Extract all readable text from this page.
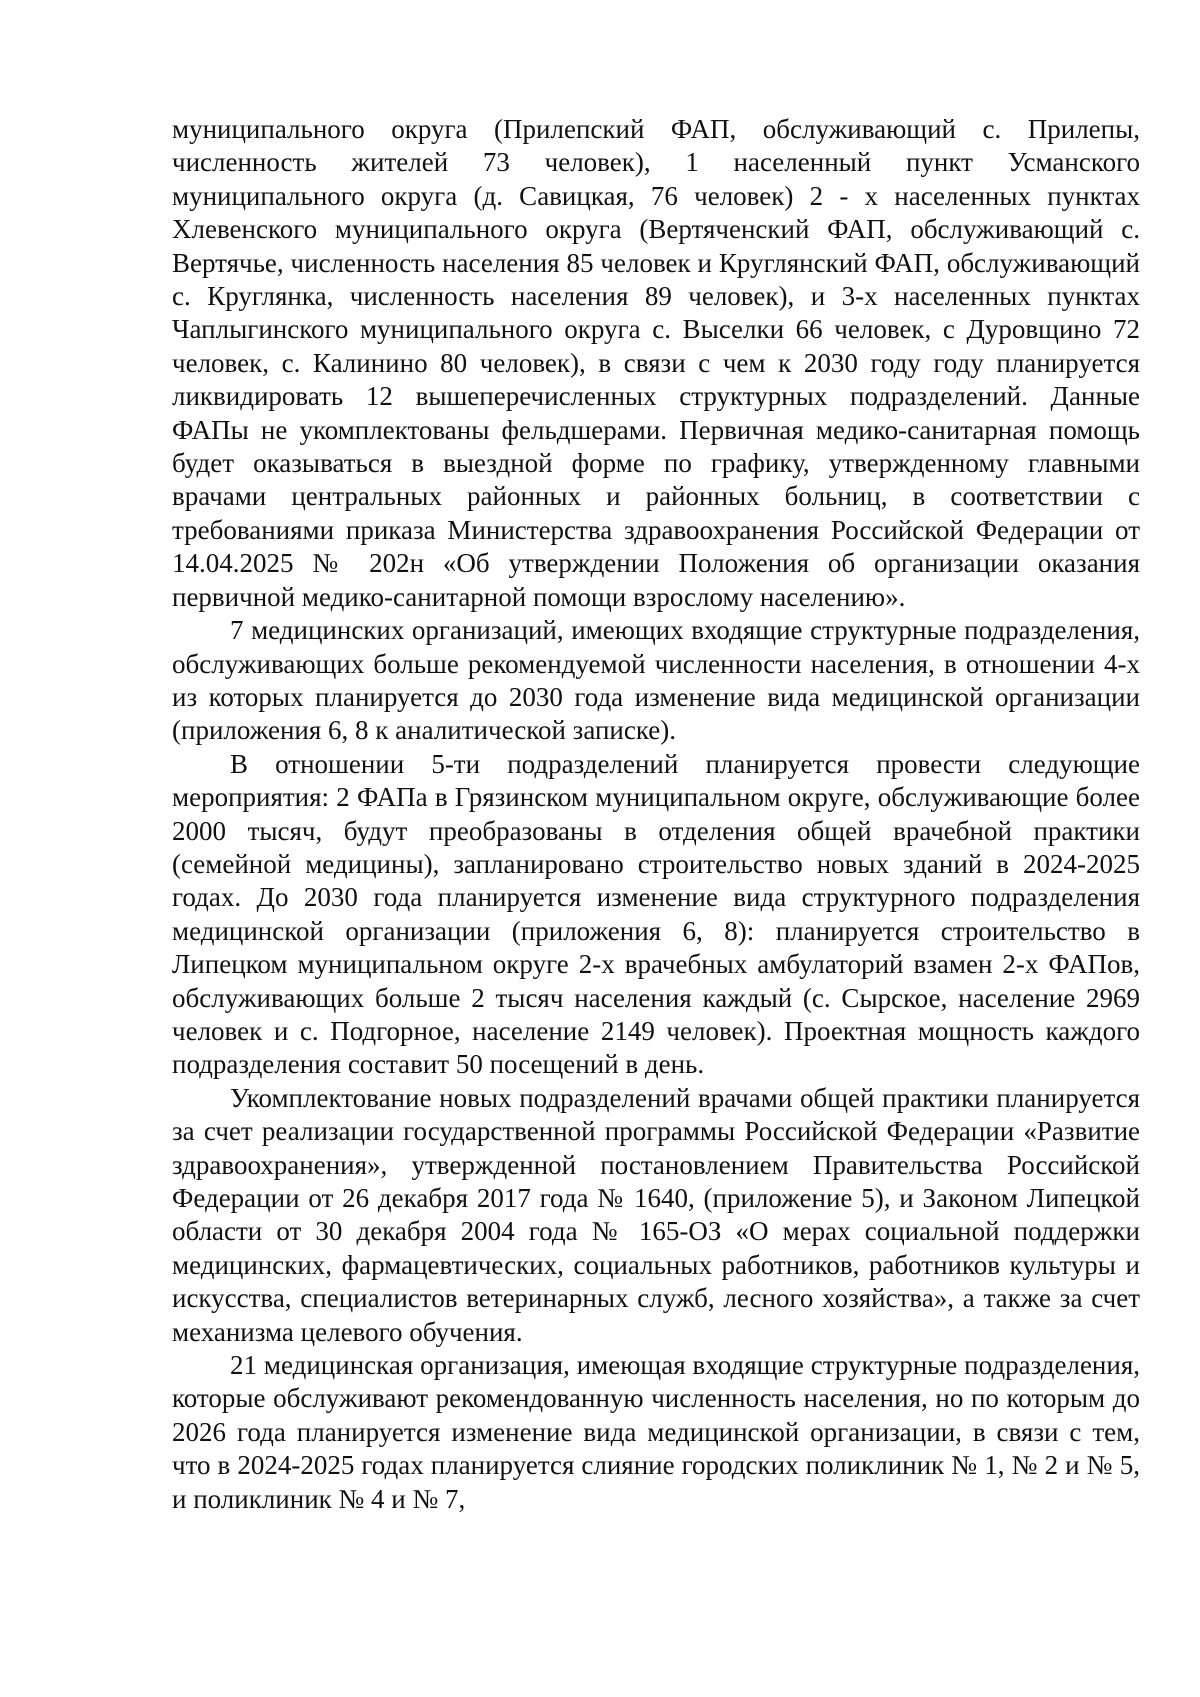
муниципального округа (Прилепский ФАП, обслуживающий с. Прилепы, численность жителей 73 человек), 1 населенный пункт Усманского муниципального округа (д. Савицкая, 76 человек) 2 - х населенных пунктах Хлевенского муниципального округа (Вертяченский ФАП, обслуживающий с. Вертячье, численность населения 85 человек и Круглянский ФАП, обслуживающий с. Круглянка, численность населения 89 человек), и 3-х населенных пунктах Чаплыгинского муниципального округа с. Выселки 66 человек, с Дуровщино 72 человек, с. Калинино 80 человек), в связи с чем к 2030 году году планируется ликвидировать 12 вышеперечисленных структурных подразделений. Данные ФАПы не укомплектованы фельдшерами. Первичная медико-санитарная помощь будет оказываться в выездной форме по графику, утвержденному главными врачами центральных районных и районных больниц, в соответствии с требованиями приказа Министерства здравоохранения Российской Федерации от 14.04.2025 № 202н «Об утверждении Положения об организации оказания первичной медико-санитарной помощи взрослому населению».

7 медицинских организаций, имеющих входящие структурные подразделения, обслуживающих больше рекомендуемой численности населения, в отношении 4-х из которых планируется до 2030 года изменение вида медицинской организации (приложения 6, 8 к аналитической записке).

В отношении 5-ти подразделений планируется провести следующие мероприятия: 2 ФАПа в Грязинском муниципальном округе, обслуживающие более 2000 тысяч, будут преобразованы в отделения общей врачебной практики (семейной медицины), запланировано строительство новых зданий в 2024-2025 годах. До 2030 года планируется изменение вида структурного подразделения медицинской организации (приложения 6, 8): планируется строительство в Липецком муниципальном округе 2-х врачебных амбулаторий взамен 2-х ФАПов, обслуживающих больше 2 тысяч населения каждый (с. Сырское, население 2969 человек и с. Подгорное, население 2149 человек). Проектная мощность каждого подразделения составит 50 посещений в день.

Укомплектование новых подразделений врачами общей практики планируется за счет реализации государственной программы Российской Федерации «Развитие здравоохранения», утвержденной постановлением Правительства Российской Федерации от 26 декабря 2017 года № 1640, (приложение 5), и Законом Липецкой области от 30 декабря 2004 года № 165-ОЗ «О мерах социальной поддержки медицинских, фармацевтических, социальных работников, работников культуры и искусства, специалистов ветеринарных служб, лесного хозяйства», а также за счет механизма целевого обучения.

21 медицинская организация, имеющая входящие структурные подразделения, которые обслуживают рекомендованную численность населения, но по которым до 2026 года планируется изменение вида медицинской организации, в связи с тем, что в 2024-2025 годах планируется слияние городских поликлиник № 1, № 2 и № 5, и поликлиник № 4 и № 7,
